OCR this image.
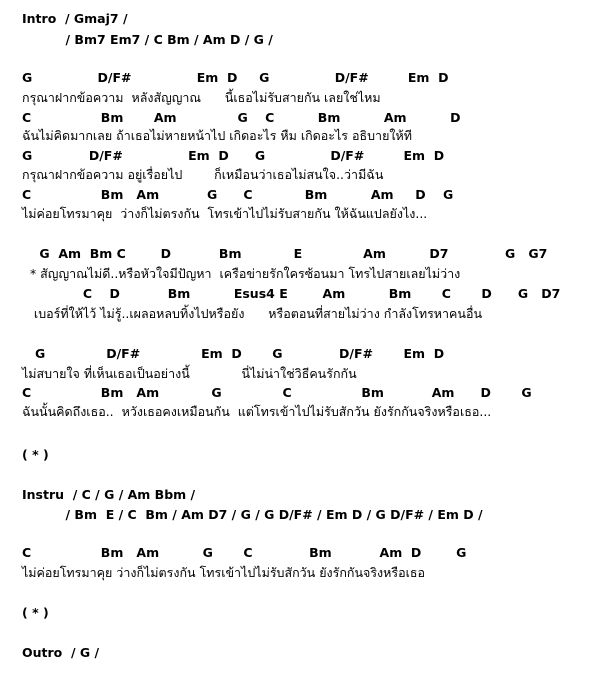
Intro  / Gmaj7 /

/ Bm7 Em7 / C Bm / Am D / G /

G               D/F#               Em  D     G               D/F#         Em  D

กรุณาฝากข้อความ  หลังสัญญาณ      นี้เธอไม่รับสายกัน เลยใช่ไหม

C                Bm       Am              G    C          Bm          Am          D

ฉันไม่คิดมากเลย ถ้าเธอไม่หายหน้าไป เกิดอะไร หืม เกิดอะไร อธิบายให้ที

G             D/F#               Em  D      G               D/F#         Em  D

กรุณาฝากข้อความ อยู่เรื่อยไป        ก็เหมือนว่าเธอไม่สนใจ..ว่ามีฉัน

C                Bm   Am           G      C            Bm          Am     D    G

ไม่ค่อยโทรมาคุย  ว่างก็ไม่ตรงกัน  โทรเข้าไปไม่รับสายกัน ให้ฉันแปลยังไง...

G  Am  Bm C        D           Bm            E              Am          D7             G   G7

* สัญญาณไม่ดี..หรือหัวใจมีปัญหา  เครือข่ายรักใครซ้อนมา โทรไปสายเลยไม่ว่าง

C    D           Bm          Esus4 E        Am          Bm       C       D      G   D7

เบอร์ที่ให้ไว้ ไม่รู้..เผลอหลบทิ้งไปหรือยัง      หรือตอนที่สายไม่ว่าง กำลังโทรหาคนอื่น

G              D/F#              Em  D       G             D/F#       Em  D

ไม่สบายใจ ที่เห็นเธอเป็นอย่างนี้             นี่ไม่น่าใช่วิธีคนรักกัน

C                Bm   Am            G              C                Bm           Am      D       G

ฉันนั้นคิดถึงเธอ..  หวังเธอคงเหมือนกัน  แต่โทรเข้าไปไม่รับสักวัน ยังรักกันจริงหรือเธอ...

( * )

Instru  / C / G / Am Bbm /

/ Bm  E / C  Bm / Am D7 / G / G D/F# / Em D / G D/F# / Em D /

C                Bm   Am          G       C             Bm           Am  D        G

ไม่ค่อยโทรมาคุย ว่างก็ไม่ตรงกัน โทรเข้าไปไม่รับสักวัน ยังรักกันจริงหรือเธอ

( * )

Outro  / G /
